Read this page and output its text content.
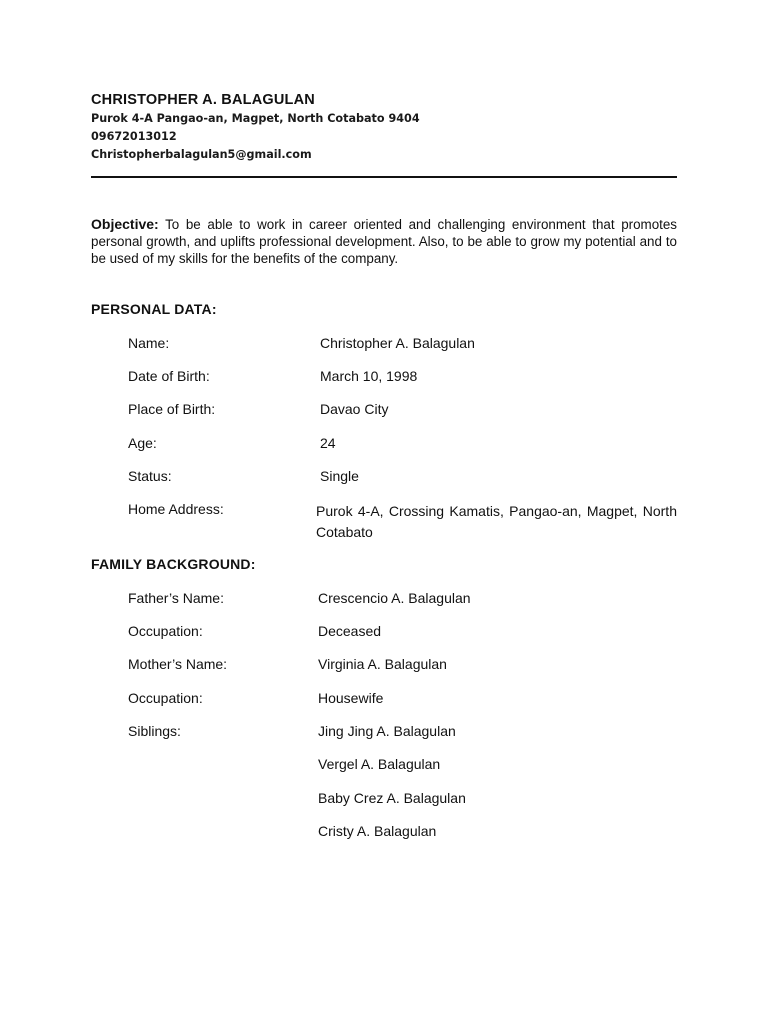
CHRISTOPHER A. BALAGULAN
Purok 4-A Pangao-an, Magpet, North Cotabato 9404
09672013012
Christopherbalagulan5@gmail.com
Objective: To be able to work in career oriented and challenging environment that promotes personal growth, and uplifts professional development. Also, to be able to grow my potential and to be used of my skills for the benefits of the company.
PERSONAL DATA:
Name:	Christopher A. Balagulan
Date of Birth:	March 10, 1998
Place of Birth:	Davao City
Age:	24
Status:	Single
Home Address:	Purok 4-A, Crossing Kamatis, Pangao-an, Magpet, North Cotabato
FAMILY BACKGROUND:
Father’s Name:	Crescencio A. Balagulan
Occupation:	Deceased
Mother’s Name:	Virginia A. Balagulan
Occupation:	Housewife
Siblings:	Jing Jing A. Balagulan
Vergel A. Balagulan
Baby Crez A. Balagulan
Cristy A. Balagulan
